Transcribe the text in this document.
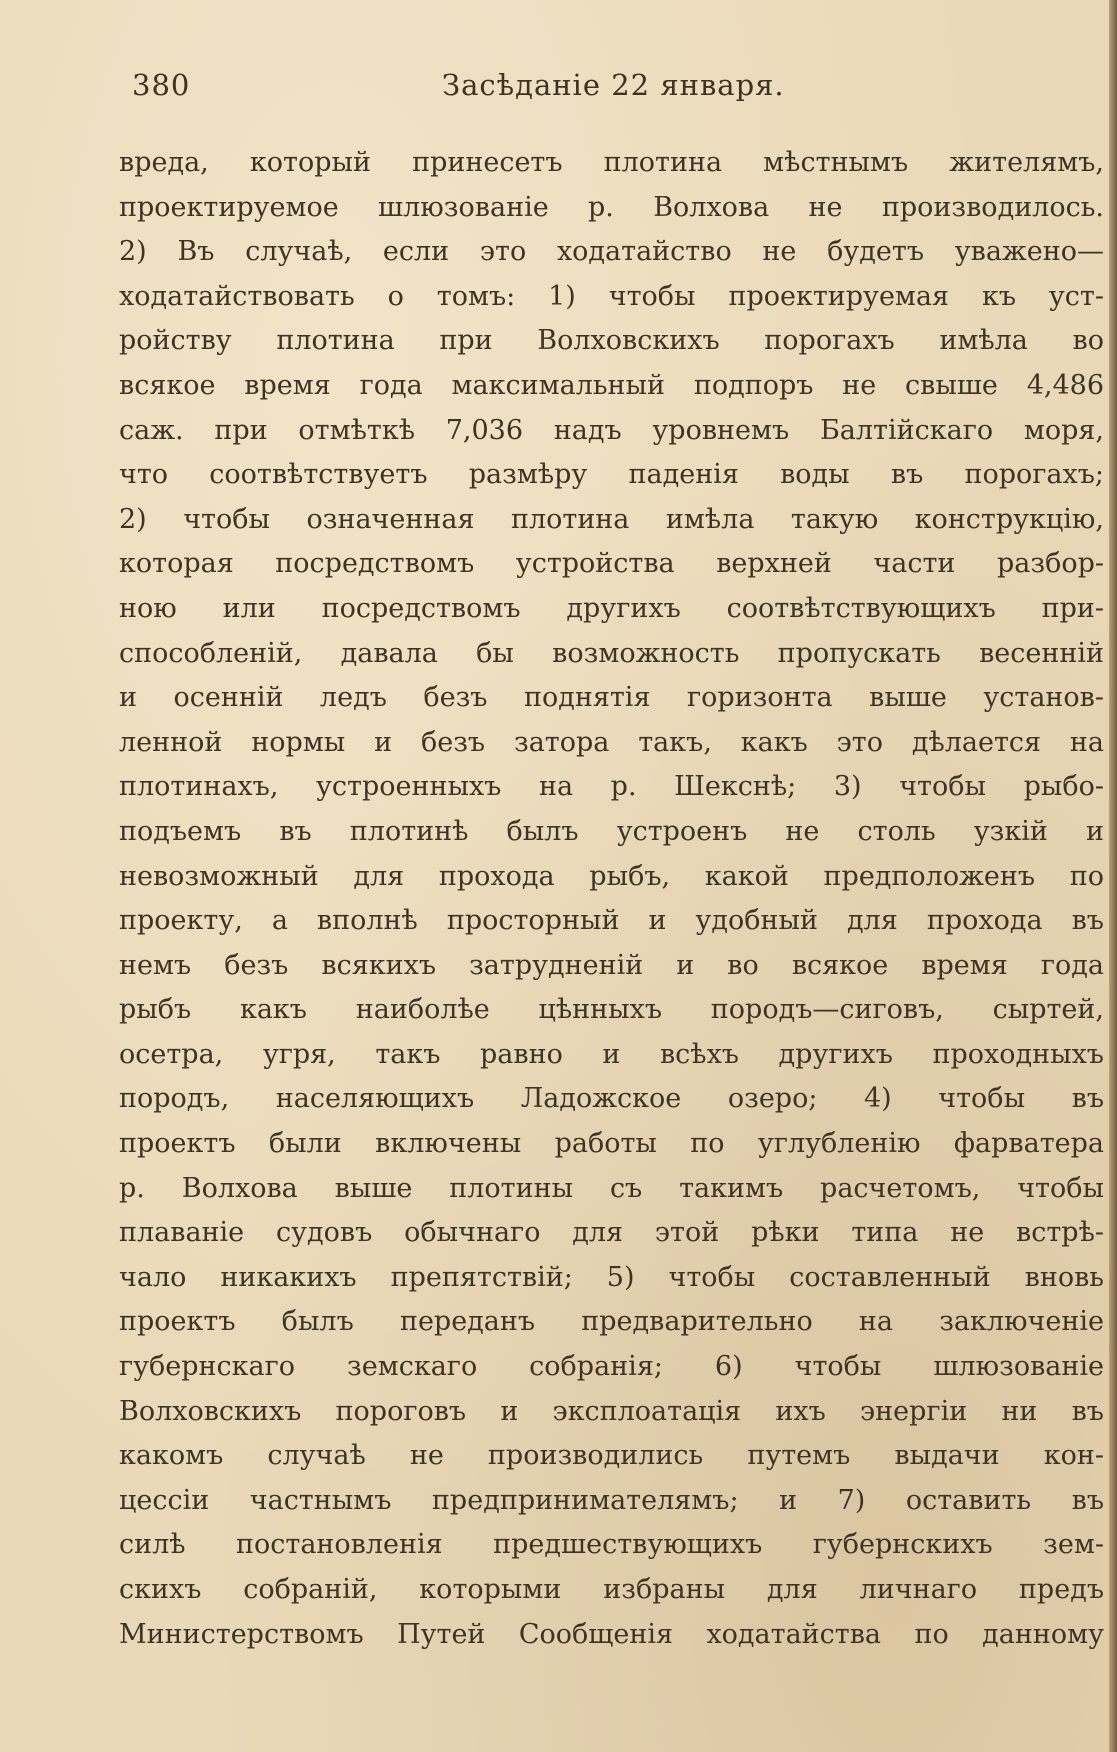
380	Засѣданіе 22 января.
вреда, который принесетъ плотина мѣстнымъ жителямъ,
проектируемое шлюзованіе р. Волхова не производилось.
2) Въ случаѣ, если это ходатайство не будетъ уважено—
ходатайствовать о томъ: 1) чтобы проектируемая къ уст-
ройству плотина при Волховскихъ порогахъ имѣла во
всякое время года максимальный подпоръ не свыше 4,486
саж. при отмѣткѣ 7,036 надъ уровнемъ Балтійскаго моря,
что соотвѣтствуетъ размѣру паденія воды въ порогахъ;
2) чтобы означенная плотина имѣла такую конструкцію,
которая посредствомъ устройства верхней части разбор-
ною или посредствомъ другихъ соотвѣтствующихъ при-
способленій, давала бы возможность пропускать весенній
и осенній ледъ безъ поднятія горизонта выше установ-
ленной нормы и безъ затора такъ, какъ это дѣлается на
плотинахъ, устроенныхъ на р. Шекснѣ; 3) чтобы рыбо-
подъемъ въ плотинѣ былъ устроенъ не столь узкій и
невозможный для прохода рыбъ, какой предположенъ по
проекту, а вполнѣ просторный и удобный для прохода въ
немъ безъ всякихъ затрудненій и во всякое время года
рыбъ какъ наиболѣе цѣнныхъ породъ—сиговъ, сыртей,
осетра, угря, такъ равно и всѣхъ другихъ проходныхъ
породъ, населяющихъ Ладожское озеро; 4) чтобы въ
проектъ были включены работы по углубленію фарватера
р. Волхова выше плотины съ такимъ расчетомъ, чтобы
плаваніе судовъ обычнаго для этой рѣки типа не встрѣ-
чало никакихъ препятствій; 5) чтобы составленный вновь
проектъ былъ переданъ предварительно на заключеніе
губернскаго земскаго собранія; 6) чтобы шлюзованіе
Волховскихъ пороговъ и эксплоатація ихъ энергіи ни въ
какомъ случаѣ не производились путемъ выдачи кон-
цессіи частнымъ предпринимателямъ; и 7) оставить въ
силѣ постановленія предшествующихъ губернскихъ зем-
скихъ собраній, которыми избраны для личнаго предъ
Министерствомъ Путей Сообщенія ходатайства по данному
